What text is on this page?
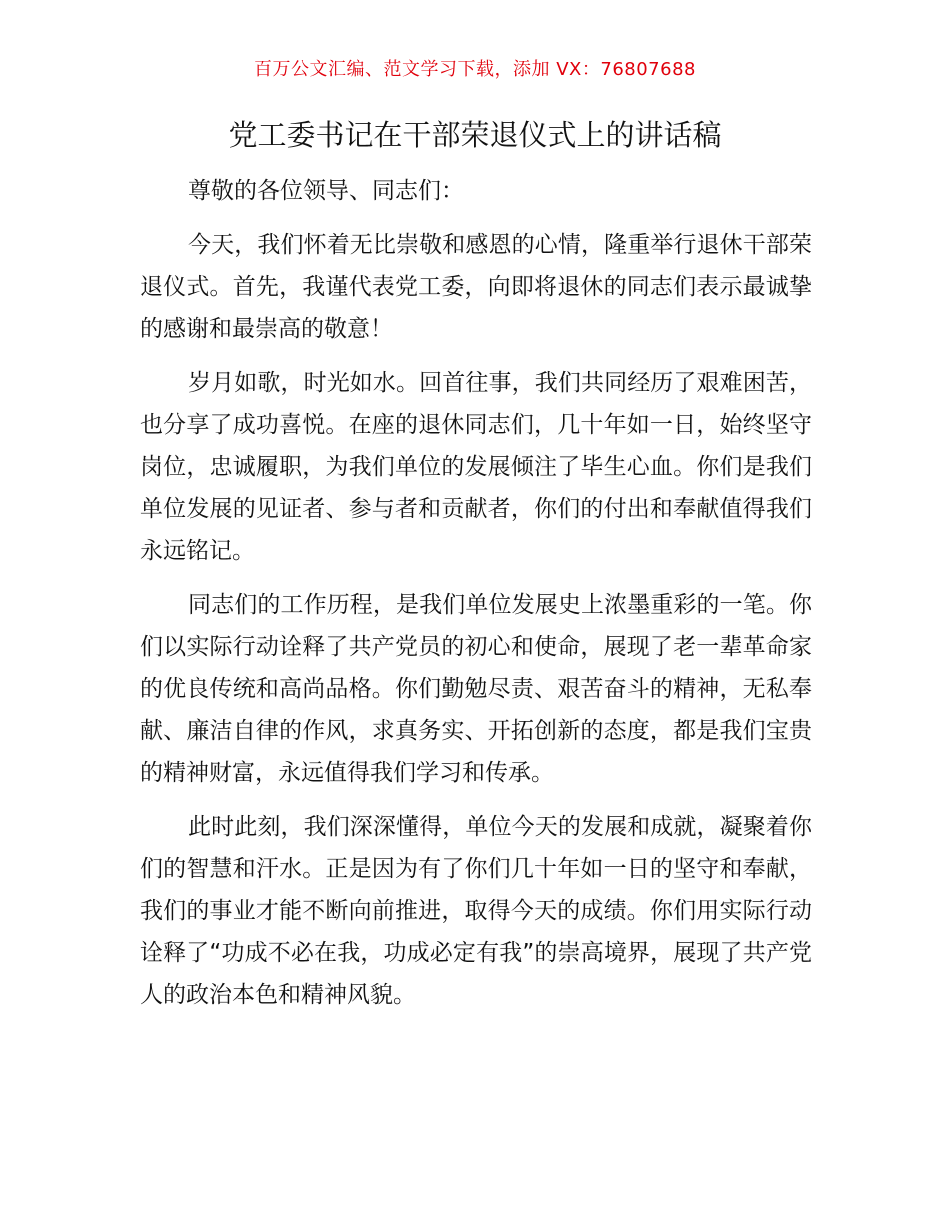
百万公文汇编、范文学习下载，添加 VX：76807688
党工委书记在干部荣退仪式上的讲话稿

尊敬的各位领导、同志们：

今天，我们怀着无比崇敬和感恩的心情，隆重举行退休干部荣退仪式。首先，我谨代表党工委，向即将退休的同志们表示最诚挚的感谢和最崇高的敬意！

岁月如歌，时光如水。回首往事，我们共同经历了艰难困苦，也分享了成功喜悦。在座的退休同志们，几十年如一日，始终坚守岗位，忠诚履职，为我们单位的发展倾注了毕生心血。你们是我们单位发展的见证者、参与者和贡献者，你们的付出和奉献值得我们永远铭记。

同志们的工作历程，是我们单位发展史上浓墨重彩的一笔。你们以实际行动诠释了共产党员的初心和使命，展现了老一辈革命家的优良传统和高尚品格。你们勤勉尽责、艰苦奋斗的精神，无私奉献、廉洁自律的作风，求真务实、开拓创新的态度，都是我们宝贵的精神财富，永远值得我们学习和传承。

此时此刻，我们深深懂得，单位今天的发展和成就，凝聚着你们的智慧和汗水。正是因为有了你们几十年如一日的坚守和奉献，我们的事业才能不断向前推进，取得今天的成绩。你们用实际行动诠释了“功成不必在我，功成必定有我”的崇高境界，展现了共产党人的政治本色和精神风貌。
